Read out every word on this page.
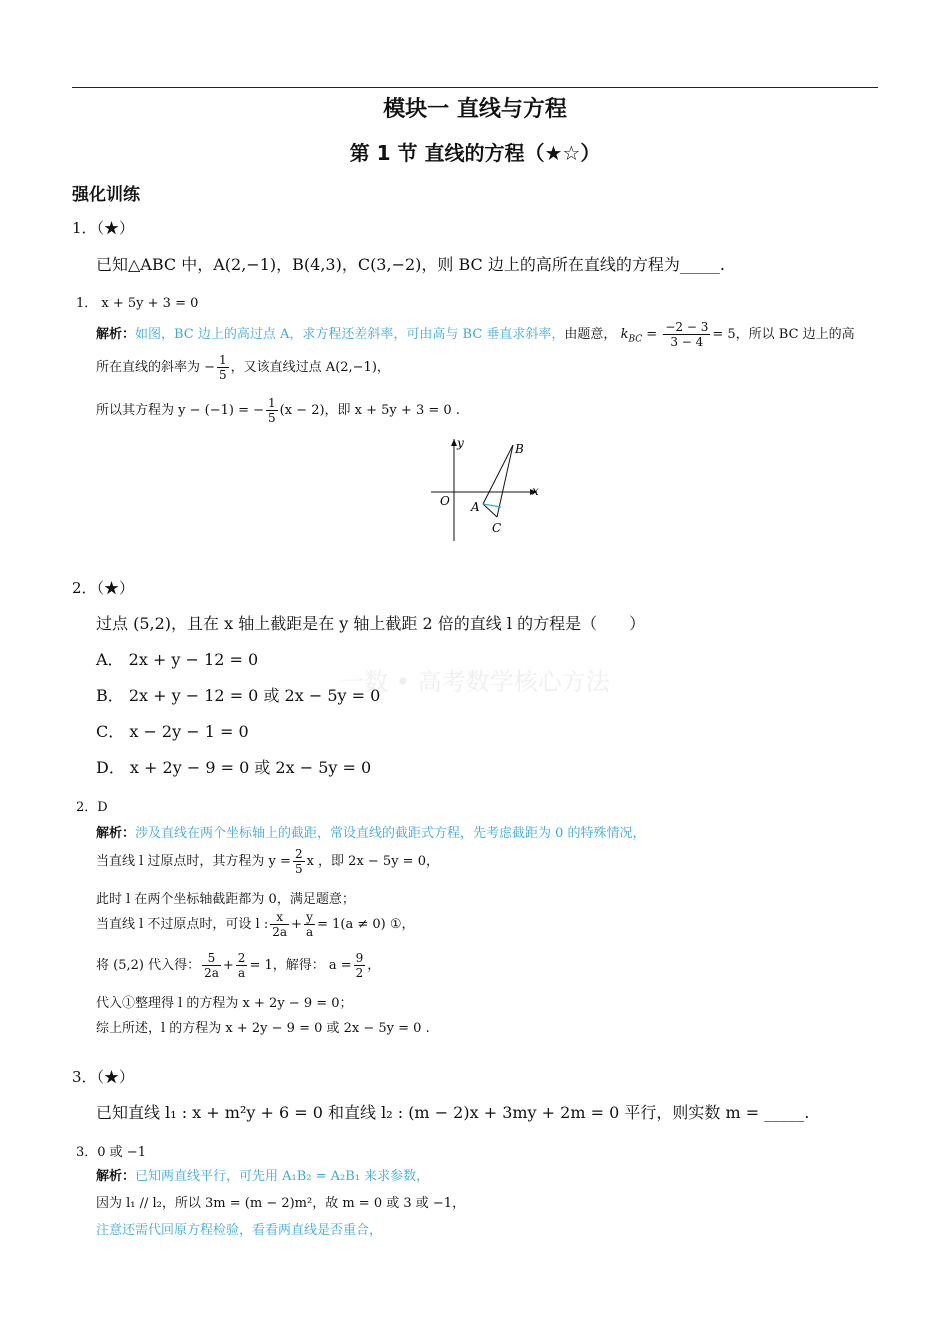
模块一 直线与方程
第 1 节 直线的方程（★☆）
强化训练
一数 • 高考数学核心方法
1．（★）
已知△ABC 中，A(2,−1)，B(4,3)，C(3,−2)，则 BC 边上的高所在直线的方程为_____.
1． x + 5y + 3 = 0
解析：如图，BC 边上的高过点 A，求方程还差斜率，可由高与 BC 垂直求斜率，由题意， $k_{BC} = \frac{-2 - 3}{3 - 4} = 5$，所以 BC 边上的高
所在直线的斜率为 − $\frac{1}{5}$ ，又该直线过点 A(2,−1)，
所以其方程为 y − (−1) = − $\frac{1}{5} (x - 2)$，即 x + 5y + 3 = 0 .
y
x
O A
B
C
2．（★）
过点 (5,2)，且在 x 轴上截距是在 y 轴上截距 2 倍的直线 l 的方程是（　　）
A． 2x + y − 12 = 0
B． 2x + y − 12 = 0 或 2x − 5y = 0
C． x − 2y − 1 = 0
D． x + 2y − 9 = 0 或 2x − 5y = 0
2．D
解析：涉及直线在两个坐标轴上的截距，常设直线的截距式方程，先考虑截距为 0 的特殊情况，
当直线 l 过原点时，其方程为 $y = \frac{2}{5}$ x ，即 2x − 5y = 0，
此时 l 在两个坐标轴截距都为 0，满足题意；
当直线 l 不过原点时，可设 l : $\frac{x}{2a} + \frac{y}{a} = 1(a \ne 0)$ ①，
将 (5,2) 代入得： $\frac{5}{2a} + \frac{2}{a} = 1$，解得： $a = \frac{9}{2}$ ，
代入①整理得 l 的方程为 x + 2y − 9 = 0；
综上所述，l 的方程为 x + 2y − 9 = 0 或 2x − 5y = 0 .
3．（★）
已知直线 l₁ : x + m²y + 6 = 0 和直线 l₂ : (m − 2)x + 3my + 2m = 0 平行，则实数 m = _____.
3．0 或 −1
解析：已知两直线平行，可先用 A₁B₂ = A₂B₁ 来求参数，
因为 l₁ // l₂，所以 3m = (m − 2)m²，故 m = 0 或 3 或 −1，
注意还需代回原方程检验，看看两直线是否重合，
